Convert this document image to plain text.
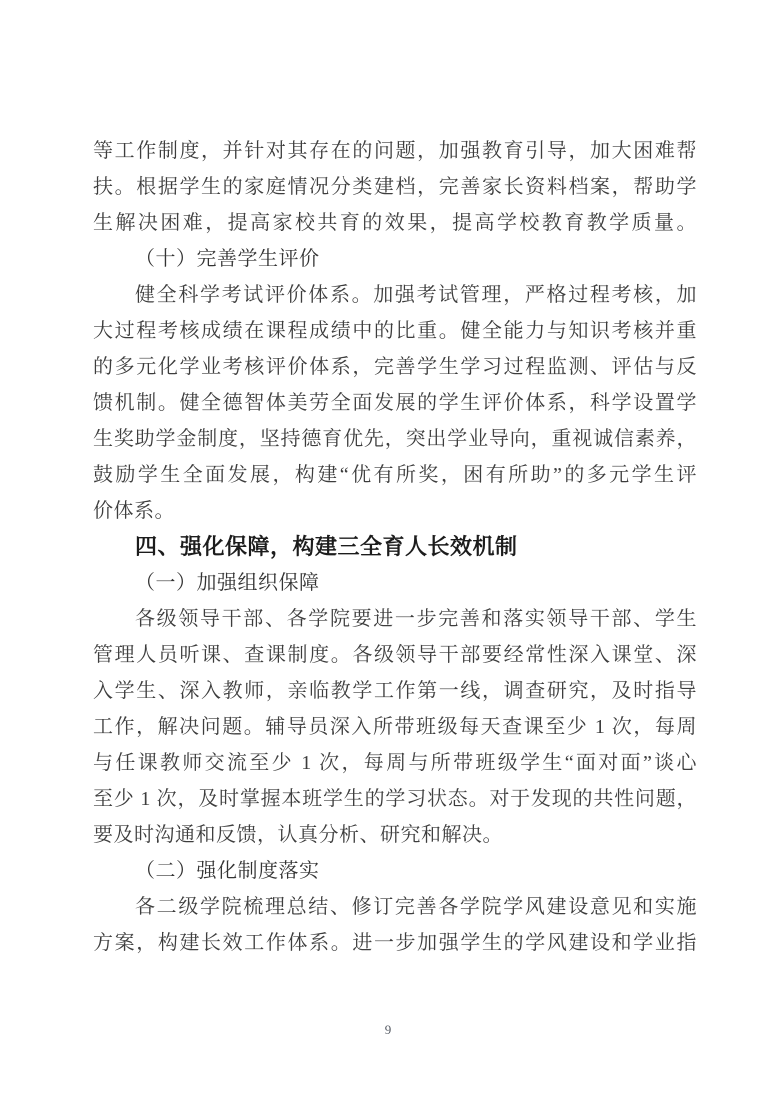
等工作制度，并针对其存在的问题，加强教育引导，加大困难帮
扶。根据学生的家庭情况分类建档，完善家长资料档案，帮助学
生解决困难，提高家校共育的效果，提高学校教育教学质量。
（十）完善学生评价
健全科学考试评价体系。加强考试管理，严格过程考核，加
大过程考核成绩在课程成绩中的比重。健全能力与知识考核并重
的多元化学业考核评价体系，完善学生学习过程监测、评估与反
馈机制。健全德智体美劳全面发展的学生评价体系，科学设置学
生奖助学金制度，坚持德育优先，突出学业导向，重视诚信素养，
鼓励学生全面发展，构建“优有所奖，困有所助”的多元学生评
价体系。
四、强化保障，构建三全育人长效机制
（一）加强组织保障
各级领导干部、各学院要进一步完善和落实领导干部、学生
管理人员听课、查课制度。各级领导干部要经常性深入课堂、深
入学生、深入教师，亲临教学工作第一线，调查研究，及时指导
工作，解决问题。辅导员深入所带班级每天查课至少 1 次，每周
与任课教师交流至少 1 次，每周与所带班级学生“面对面”谈心
至少 1 次，及时掌握本班学生的学习状态。对于发现的共性问题，
要及时沟通和反馈，认真分析、研究和解决。
（二）强化制度落实
各二级学院梳理总结、修订完善各学院学风建设意见和实施
方案，构建长效工作体系。进一步加强学生的学风建设和学业指
9
